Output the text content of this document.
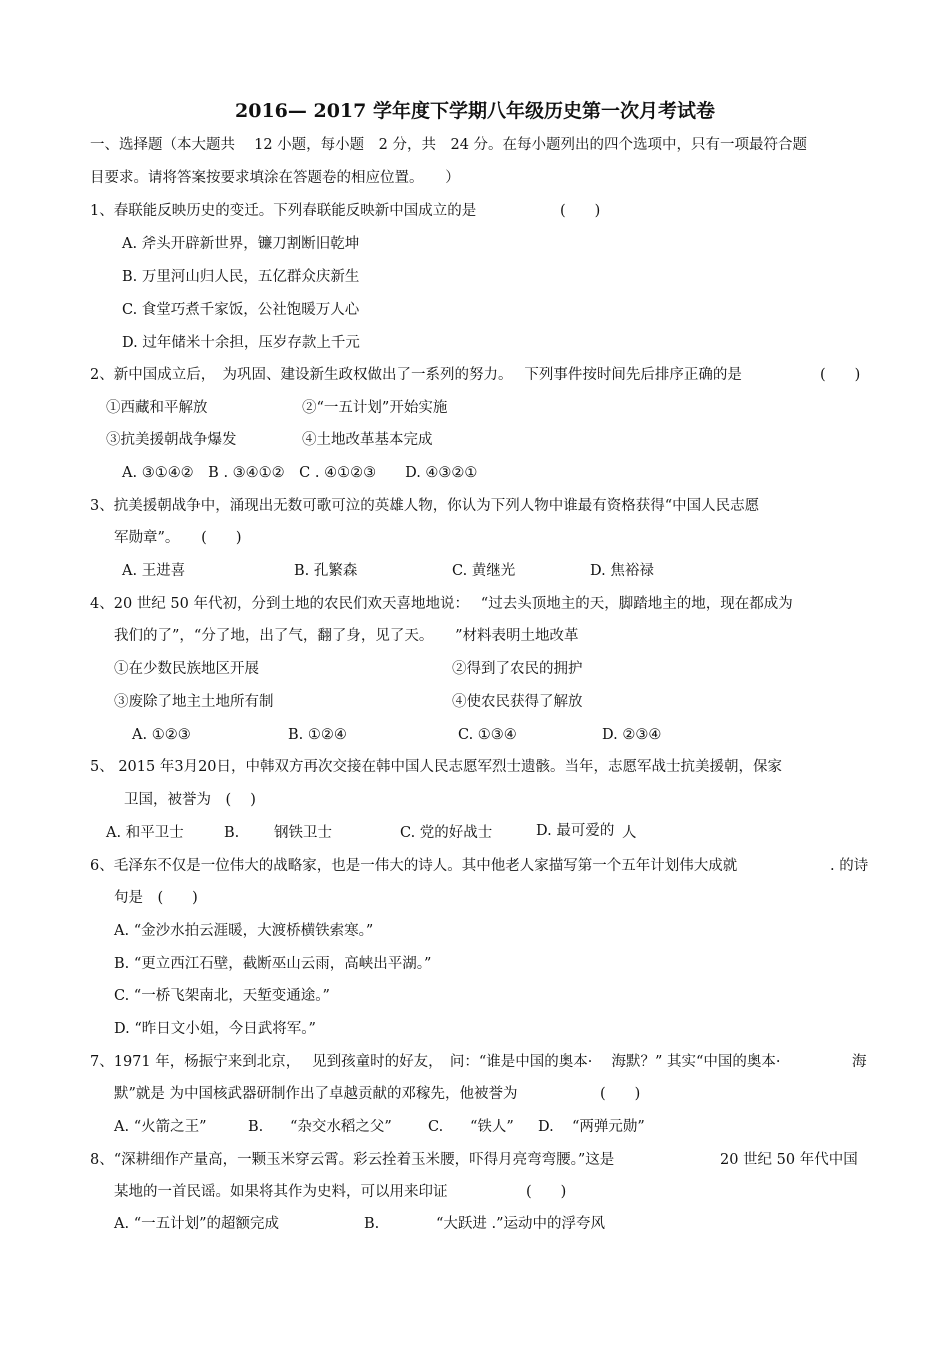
2016— 2017 学年度下学期八年级历史第一次月考试卷
一、选择题（本大题共　 12 小题，每小题　2 分，共　24 分。在每小题列出的四个选项中，只有一项最符合题
目要求。请将答案按要求填涂在答题卷的相应位置。　　）
1、春联能反映历史的变迁。下列春联能反映新中国成立的是	(　　)
A. 斧头开辟新世界，镰刀割断旧乾坤
B. 万里河山归人民，五亿群众庆新生
C. 食堂巧煮千家饭，公社饱暖万人心
D. 过年储米十余担，压岁存款上千元
2、新中国成立后，　为巩固、建设新生政权做出了一系列的努力。　 下列事件按时间先后排序正确的是	(　　)
①西藏和平解放	②“一五计划”开始实施
③抗美援朝战争爆发	④土地改革基本完成
A. ③①④②　B . ③④①②　C . ④①②③　　D. ④③②①
3、抗美援朝战争中，涌现出无数可歌可泣的英雄人物，你认为下列人物中谁最有资格获得“中国人民志愿
军勋章”。　　(　　)
A. 王进喜	B. 孔繁森	C. 黄继光	D. 焦裕禄
4、20 世纪 50 年代初，分到土地的农民们欢天喜地地说：　 “过去头顶地主的天，脚踏地主的地，现在都成为
我们的了”，“分了地，出了气，翻了身，见了天。　　”材料表明土地改革
①在少数民族地区开展	②得到了农民的拥护
③废除了地主土地所有制	④使农民获得了解放
A. ①②③	B. ①②④	C. ①③④	D. ②③④
5、 2015 年3月20日，中韩双方再次交接在韩中国人民志愿军烈士遗骸。当年，志愿军战士抗美援朝，保家
卫国，被誉为　(　 )
A. 和平卫士	B. 钢铁卫士	C. 党的好战士	D. 最可爱的 人
6、毛泽东不仅是一位伟大的战略家，也是一伟大的诗人。其中他老人家描写第一个五年计划伟大成就	. 的诗
句是　(　　)
A. “金沙水拍云涯暖，大渡桥横铁索寒。”
B. “更立西江石壁，截断巫山云雨，高峡出平湖。”
C. “一桥飞架南北，天堑变通途。”
D. “昨日文小姐，今日武将军。”
7、1971 年，杨振宁来到北京，　 见到孩童时的好友，　问：“谁是中国的奥本·　 海默？” 其实“中国的奥本·	海
默”就是 为中国核武器研制作出了卓越贡献的邓稼先，他被誉为	(　　)
A. “火箭之王”	B. “杂交水稻之父” C. “铁人” D. “两弹元勋”
8、“深耕细作产量高，一颗玉米穿云霄。彩云拴着玉米腰，吓得月亮弯弯腰。”这是	20 世纪 50 年代中国
某地的一首民谣。如果将其作为史料，可以用来印证	(　　)
A. “一五计划”的超额完成	B.	“大跃进 .”运动中的浮夸风
